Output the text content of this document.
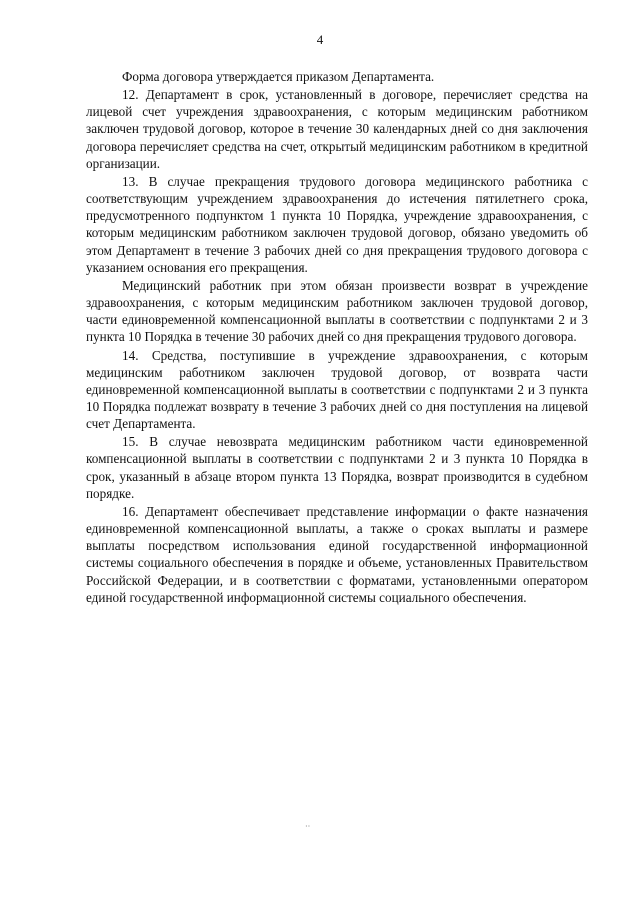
4

Форма договора утверждается приказом Департамента.

12. Департамент в срок, установленный в договоре, перечисляет средства на лицевой счет учреждения здравоохранения, с которым медицинским работником заключен трудовой договор, которое в течение 30 календарных дней со дня заключения договора перечисляет средства на счет, открытый медицинским работником в кредитной организации.

13. В случае прекращения трудового договора медицинского работника с соответствующим учреждением здравоохранения до истечения пятилетнего срока, предусмотренного подпунктом 1 пункта 10 Порядка, учреждение здравоохранения, с которым медицинским работником заключен трудовой договор, обязано уведомить об этом Департамент в течение 3 рабочих дней со дня прекращения трудового договора с указанием основания его прекращения.

Медицинский работник при этом обязан произвести возврат в учреждение здравоохранения, с которым медицинским работником заключен трудовой договор, части единовременной компенсационной выплаты в соответствии с подпунктами 2 и 3 пункта 10 Порядка в течение 30 рабочих дней со дня прекращения трудового договора.

14. Средства, поступившие в учреждение здравоохранения, с которым медицинским работником заключен трудовой договор, от возврата части единовременной компенсационной выплаты в соответствии с подпунктами 2 и 3 пункта 10 Порядка подлежат возврату в течение 3 рабочих дней со дня поступления на лицевой счет Департамента.

15. В случае невозврата медицинским работником части единовременной компенсационной выплаты в соответствии с подпунктами 2 и 3 пункта 10 Порядка в срок, указанный в абзаце втором пункта 13 Порядка, возврат производится в судебном порядке.

16. Департамент обеспечивает представление информации о факте назначения единовременной компенсационной выплаты, а также о сроках выплаты и размере выплаты посредством использования единой государственной информационной системы социального обеспечения в порядке и объеме, установленных Правительством Российской Федерации, и в соответствии с форматами, установленными оператором единой государственной информационной системы социального обеспечения.

··
